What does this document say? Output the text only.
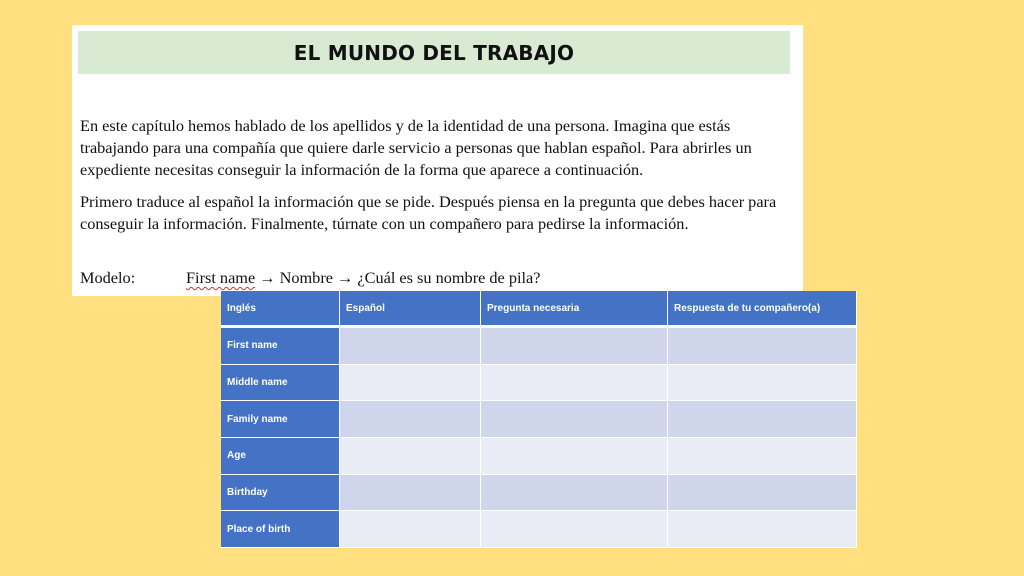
EL MUNDO DEL TRABAJO

En este capítulo hemos hablado de los apellidos y de la identidad de una persona. Imagina que estás trabajando para una compañía que quiere darle servicio a personas que hablan español. Para abrirles un expediente necesitas conseguir la información de la forma que aparece a continuación.

Primero traduce al español la información que se pide. Después piensa en la pregunta que debes hacer para conseguir la información. Finalmente, túrnate con un compañero para pedirse la información.

Modelo:	First name → Nombre → ¿Cuál es su nombre de pila?

Inglés	Español	Pregunta necesaria	Respuesta de tu compañero(a)
First name			
Middle name			
Family name			
Age			
Birthday			
Place of birth			
